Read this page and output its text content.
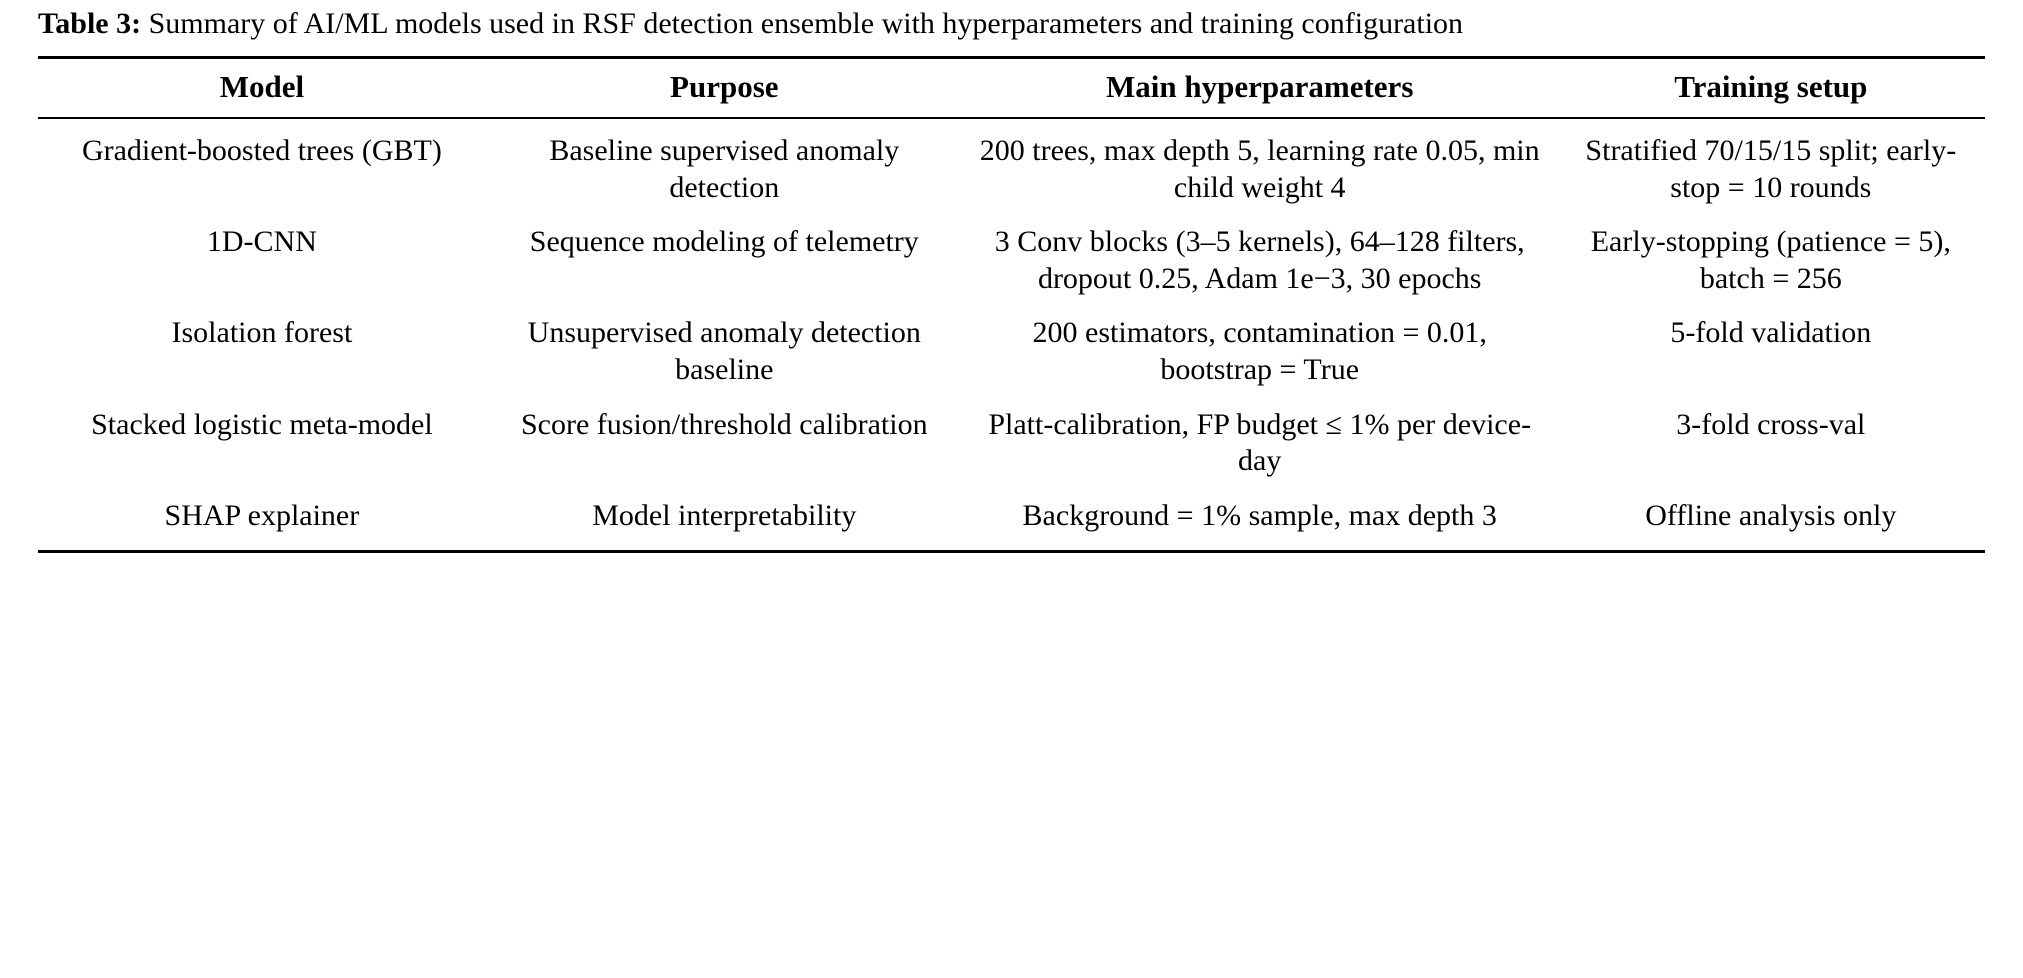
Table 3: Summary of AI/ML models used in RSF detection ensemble with hyperparameters and training configuration
Model	Purpose	Main hyperparameters	Training setup
Gradient-boosted trees (GBT)	Baseline supervised anomaly detection	200 trees, max depth 5, learning rate 0.05, min child weight 4	Stratified 70/15/15 split; early-stop = 10 rounds
1D-CNN	Sequence modeling of telemetry	3 Conv blocks (3–5 kernels), 64–128 filters, dropout 0.25, Adam 1e−3, 30 epochs	Early-stopping (patience = 5), batch = 256
Isolation forest	Unsupervised anomaly detection baseline	200 estimators, contamination = 0.01, bootstrap = True	5-fold validation
Stacked logistic meta-model	Score fusion/threshold calibration	Platt-calibration, FP budget ≤ 1% per device-day	3-fold cross-val
SHAP explainer	Model interpretability	Background = 1% sample, max depth 3	Offline analysis only
